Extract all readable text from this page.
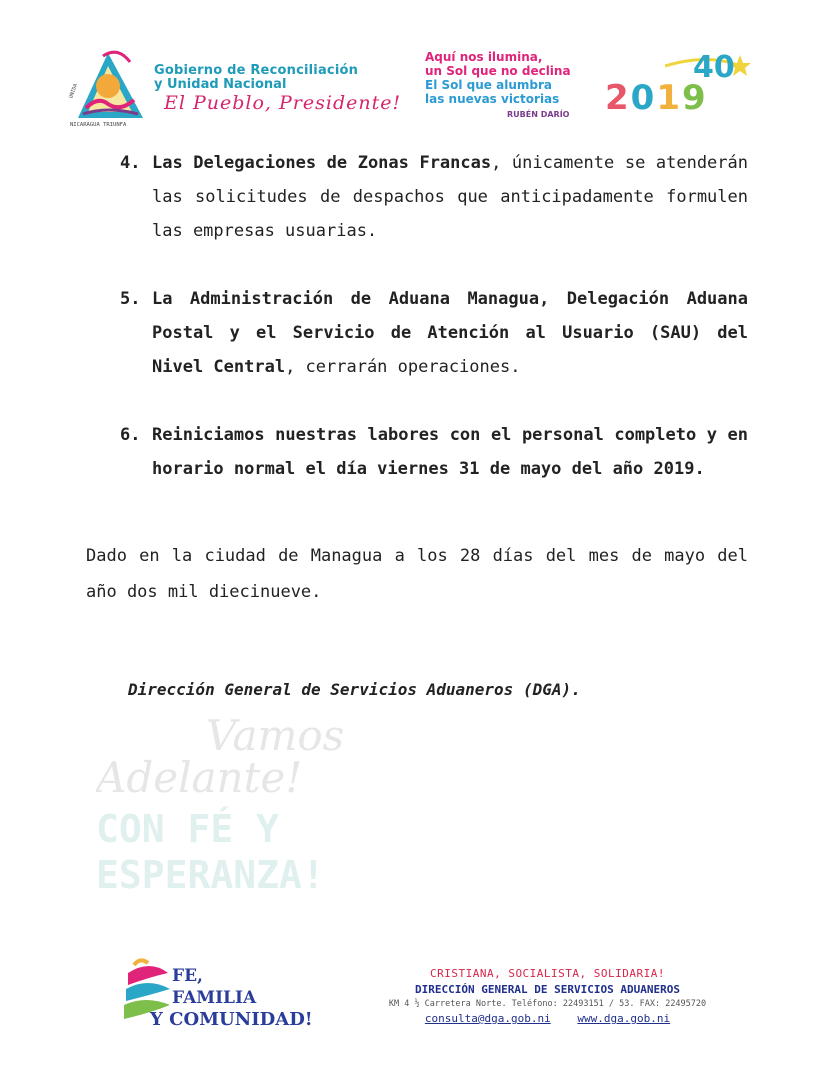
UNIDA
NICARAGUA TRIUNFA
Gobierno de Reconciliación
y Unidad Nacional
El Pueblo, Presidente!
Aquí nos ilumina,
un Sol que no declina
El Sol que alumbra
las nuevas victorias
RUBÉN DARÍO
40
2019
4. Las Delegaciones de Zonas Francas, únicamente se atenderán las solicitudes de despachos que anticipadamente formulen las empresas usuarias.
5. La Administración de Aduana Managua, Delegación Aduana Postal y el Servicio de Atención al Usuario (SAU) del Nivel Central, cerrarán operaciones.
6. Reiniciamos nuestras labores con el personal completo y en horario normal el día viernes 31 de mayo del año 2019.
Dado en la ciudad de Managua a los 28 días del mes de mayo del año dos mil diecinueve.
Dirección General de Servicios Aduaneros (DGA).
Vamos
Adelante!
CON FÉ Y
ESPERANZA!
FE,
FAMILIA
Y COMUNIDAD!
CRISTIANA, SOCIALISTA, SOLIDARIA!
DIRECCIÓN GENERAL DE SERVICIOS ADUANEROS
KM 4 ½ Carretera Norte. Teléfono: 22493151 / 53. FAX: 22495720
consulta@dga.gob.ni www.dga.gob.ni
